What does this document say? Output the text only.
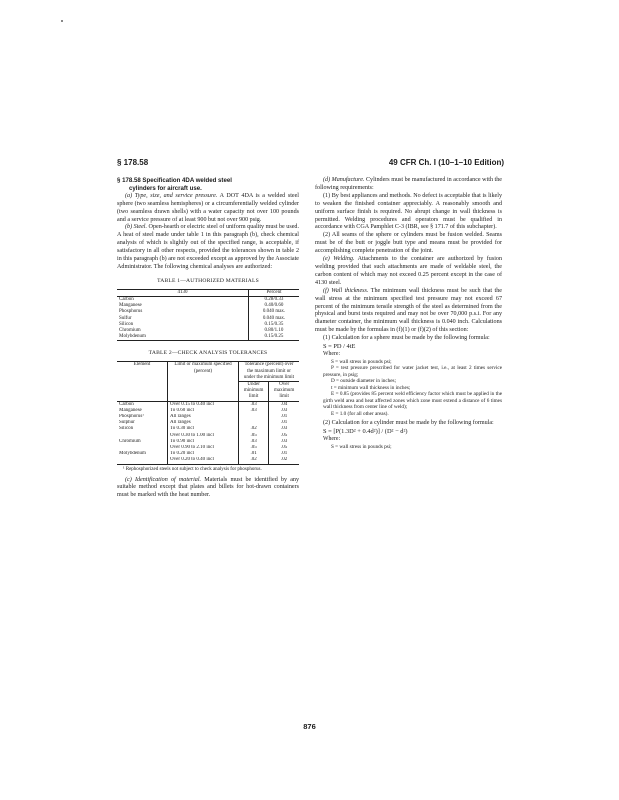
§ 178.58	49 CFR Ch. I (10–1–10 Edition)
§ 178.58 Specification 4DA welded steel
cylinders for aircraft use.

(a) Type, size, and service pressure. A DOT 4DA is a welded steel sphere (two seamless hemispheres) or a circumferentially welded cylinder (two seamless drawn shells) with a water capacity not over 100 pounds and a service pressure of at least 900 but not over 900 psig.

(b) Steel. Open-hearth or electric steel of uniform quality must be used. A heat of steel made under table 1 in this paragraph (b), check chemical analysis of which is slightly out of the specified range, is acceptable, if satisfactory in all other respects, provided the tolerances shown in table 2 in this paragraph (b) are not exceeded except as approved by the Associate Administrator. The following chemical analyses are authorized:

TABLE 1—AUTHORIZED MATERIALS
4130	Percent
Carbon	0.28/0.33
Manganese	0.40/0.60
Phosphorus	0.040 max.
Sulfur	0.040 max.
Silicon	0.15/0.35
Chromium	0.80/1.10
Molybdenum	0.15/0.25
TABLE 2—CHECK ANALYSIS TOLERANCES
Element	Limit or maximum specified (percent)	Tolerance (percent) over the maximum limit or under the minimum limit	
		Under minimum limit	Over maximum limit
Carbon	Over 0.15 to 0.40 incl	.03	.04
Manganese	To 0.60 incl	.03	.03
Phosphorus¹	All ranges		.01
Sulphur	All ranges		.01
Silicon	To 0.30 incl	.02	.03
	Over 0.30 to 1.00 incl	.05	.05
Chromium	To 0.90 incl	.03	.03
	Over 0.90 to 2.10 incl	.05	.05
Molybdenum	To 0.20 incl	.01	.01
	Over 0.20 to 0.40 incl	.02	.02
¹ Rephosphorized steels not subject to check analysis for phosphorus.

(c) Identification of material. Materials must be identified by any suitable method except that plates and billets for hot-drawn containers must be marked with the heat number.

(d) Manufacture. Cylinders must be manufactured in accordance with the following requirements:

(1) By best appliances and methods. No defect is acceptable that is likely to weaken the finished container appreciably. A reasonably smooth and uniform surface finish is required. No abrupt change in wall thickness is permitted. Welding procedures and operators must be qualified in accordance with CGA Pamphlet C-3 (IBR, see § 171.7 of this subchapter).

(2) All seams of the sphere or cylinders must be fusion welded. Seams must be of the butt or joggle butt type and means must be provided for accomplishing complete penetration of the joint.

(e) Welding. Attachments to the container are authorized by fusion welding provided that such attachments are made of weldable steel, the carbon content of which may not exceed 0.25 percent except in the case of 4130 steel.

(f) Wall thickness. The minimum wall thickness must be such that the wall stress at the minimum specified test pressure may not exceed 67 percent of the minimum tensile strength of the steel as determined from the physical and burst tests required and may not be over 70,000 p.s.i. For any diameter container, the minimum wall thickness is 0.040 inch. Calculations must be made by the formulas in (f)(1) or (f)(2) of this section:

(1) Calculation for a sphere must be made by the following formula:

S = PD / 4tE

Where:

S = wall stress in pounds psi;

P = test pressure prescribed for water jacket test, i.e., at least 2 times service pressure, in psig;

D = outside diameter in inches;

t = minimum wall thickness in inches;

E = 0.85 (provides 85 percent weld efficiency factor which must be applied in the girth weld area and heat affected zones which zone must extend a distance of 6 times wall thickness from center line of weld);

E = 1.0 (for all other areas).

(2) Calculation for a cylinder must be made by the following formula:

S = [P(1.3D² + 0.4d²)] / (D² − d²)

Where:

S = wall stress in pounds psi;

876
